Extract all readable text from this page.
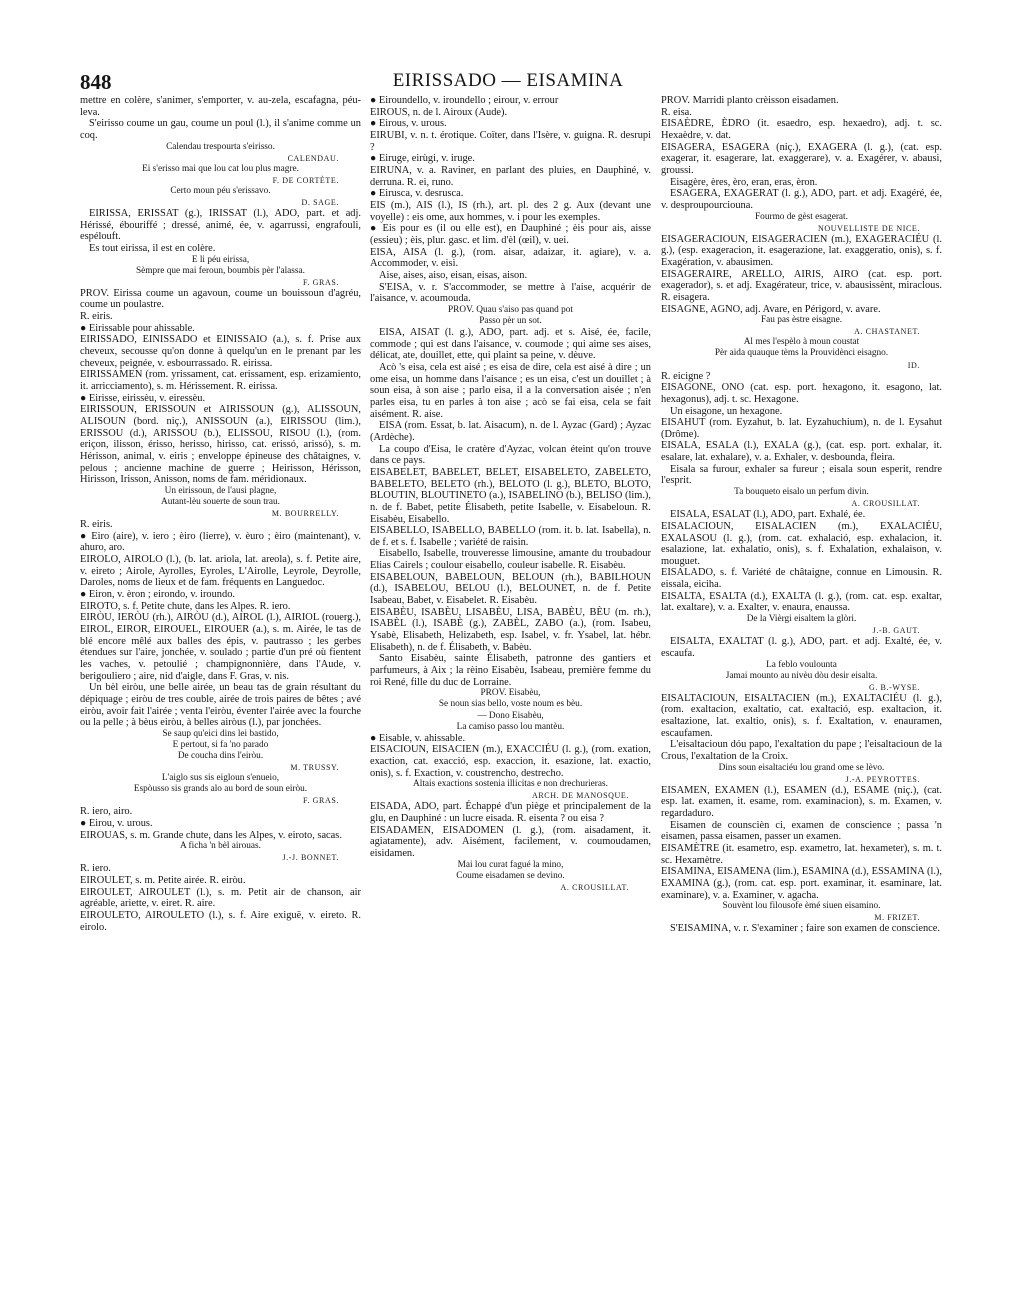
848	EIRISSADO — EISAMINA

mettre en colère, s'animer, s'emporter, v. au-zela, escafagna, péu-leva.

S'eirisso coume un gau, coume un poul (l.), il s'anime comme un coq.

Calendau trespourta s'eirisso.

CALENDAU.

Ei s'erisso mai que lou cat lou plus magre.

F. DE CORTÈTE.

Certo moun péu s'erissavo.

D. SAGE.

EIRISSA, ERISSAT (g.), IRISSAT (l.), ADO, part. et adj. Hérissé, ébouriffé ; dressé, animé, ée, v. agarrussi, engrafouli, espélouft.

Es tout eirissa, il est en colère.

E li péu eirissa,

Sèmpre que mai feroun, boumbis pèr l'alassa.

F. GRAS.

PROV. Eirissa coume un agavoun, coume un bouissoun d'agréu, coume un poulastre.

R. eiris.

● Eirissable pour ahissable.

EIRISSADO, EINISSADO et EINISSAIO (a.), s. f. Prise aux cheveux, secousse qu'on donne à quelqu'un en le prenant par les cheveux, peignée, v. esbourrassado. R. eirissa.

EIRISSAMEN (rom. yrissament, cat. erissament, esp. erizamiento, it. arricciamento), s. m. Hérissement. R. eirissa.

● Eirisse, eirissèu, v. eiressèu.

EIRISSOUN, ERISSOUN et AIRISSOUN (g.), ALISSOUN, ALISOUN (bord. niç.), ANISSOUN (a.), EIRISSOU (lim.), ERISSOU (d.), ARISSOU (b.), ELISSOU, RISOU (l.), (rom. eriçon, ilisson, érisso, herisso, hirisso, cat. erissó, arissó), s. m. Hérisson, animal, v. eiris ; enveloppe épineuse des châtaignes, v. pelous ; ancienne machine de guerre ; Heirisson, Hérisson, Hirisson, Irisson, Anisson, noms de fam. méridionaux.

Un eirissoun, de l'ausi plagne,

Autant-lèu souerte de soun trau.

M. BOURRELLY.

R. eiris.

● Eiro (aire), v. iero ; èiro (lierre), v. èuro ; èiro (maintenant), v. ahuro, aro.

EIROLO, AIROLO (l.), (b. lat. ariola, lat. areola), s. f. Petite aire, v. eireto ; Airole, Ayrolles, Eyroles, L'Airolle, Leyrole, Deyrolle, Daroles, noms de lieux et de fam. fréquents en Languedoc.

● Eiron, v. èron ; eirondo, v. iroundo.

EIROTO, s. f. Petite chute, dans les Alpes. R. iero.

EIRÒU, IERÒU (rh.), AIRÒU (d.), AIROL (l.), AIRIOL (rouerg.), EIROL, EIROR, EIROUEL, EIROUER (a.), s. m. Airée, le tas de blé encore mêlé aux balles des épis, v. pautrasso ; les gerbes étendues sur l'aire, jonchée, v. soulado ; partie d'un pré où fientent les vaches, v. petoulié ; champignonnière, dans l'Aude, v. berigouliero ; aire, nid d'aigle, dans F. Gras, v. nis.

Un bèl eiròu, une belle airée, un beau tas de grain résultant du dépiquage ; eiròu de tres couble, airée de trois paires de bêtes ; avé eiròu, avoir fait l'airée ; venta l'eiròu, éventer l'airée avec la fourche ou la pelle ; à bèus eiròu, à belles airòus (l.), par jonchées.

Se saup qu'eici dins lei bastido,

E pertout, si fa 'no parado

De coucha dins l'eiròu.

M. TRUSSY.

L'aiglo sus sis eigloun s'enueio,

Espòusso sis grands alo au bord de soun eiròu.

F. GRAS.

R. iero, airo.

● Eirou, v. urous.

EIROUAS, s. m. Grande chute, dans les Alpes, v. eiroto, sacas.

A ficha 'n bèl airouas.

J.-J. BONNET.

R. iero.

EIROULET, s. m. Petite airée. R. eiròu.

EIROULET, AIROULET (l.), s. m. Petit air de chanson, air agréable, ariette, v. eiret. R. aire.

EIROULETO, AIROULETO (l.), s. f. Aire exiguë, v. eireto. R. eirolo.

● Eiroundello, v. iroundello ; eirour, v. errour

EIROUS, n. de l. Airoux (Aude).

● Eirous, v. urous.

EIRUBI, v. n. t. érotique. Coïter, dans l'Isère, v. guigna. R. desrupi ?

● Eiruge, eirùgi, v. iruge.

EIRUNA, v. a. Raviner, en parlant des pluies, en Dauphiné, v. derruna. R. ei, runo.

● Eirusca, v. desrusca.

EIS (m.), AIS (l.), IS (rh.), art. pl. des 2 g. Aux (devant une voyelle) : eis ome, aux hommes, v. i pour les exemples.

● Eis pour es (il ou elle est), en Dauphiné ; èis pour ais, aisse (essieu) ; èis, plur. gasc. et lim. d'èl (œil), v. uei.

EISA, AISA (l. g.), (rom. aisar, adaizar, it. agiare), v. a. Accommoder, v. eisi.

Aise, aises, aiso, eisan, eisas, aison.

S'EISA, v. r. S'accommoder, se mettre à l'aise, acquérir de l'aisance, v. acoumouda.

PROV. Quau s'aiso pas quand pot

Passo pèr un sot.

EISA, AISAT (l. g.), ADO, part. adj. et s. Aisé, ée, facile, commode ; qui est dans l'aisance, v. coumode ; qui aime ses aises, délicat, ate, douillet, ette, qui plaint sa peine, v. dèuve.

Acò 's eisa, cela est aisé ; es eisa de dire, cela est aisé à dire ; un ome eisa, un homme dans l'aisance ; es un eisa, c'est un douillet ; à soun eisa, à son aise ; parlo eisa, il a la conversation aisée ; n'en parles eisa, tu en parles à ton aise ; acò se fai eisa, cela se fait aisément. R. aise.

EISA (rom. Essat, b. lat. Aisacum), n. de l. Ayzac (Gard) ; Ayzac (Ardèche).

La coupo d'Eisa, le cratère d'Ayzac, volcan éteint qu'on trouve dans ce pays.

EISABELET, BABELET, BELET, EISABELETO, ZABELETO, BABELETO, BELETO (rh.), BELOTO (l. g.), BLETO, BLOTO, BLOUTIN, BLOUTINETO (a.), ISABELINO (b.), BELISO (lim.), n. de f. Babet, petite Élisabeth, petite Isabelle, v. Eisabeloun. R. Eisabèu, Eisabello.

EISABELLO, ISABELLO, BABELLO (rom. it. b. lat. Isabella), n. de f. et s. f. Isabelle ; variété de raisin.

Eisabello, Isabelle, trouveresse limousine, amante du troubadour Elias Cairels ; coulour eisabello, couleur isabelle. R. Eisabèu.

EISABELOUN, BABELOUN, BELOUN (rh.), BABILHOUN (d.), ISABELOU, BELOU (l.), BELOUNET, n. de f. Petite Isabeau, Babet, v. Eisabelet. R. Eisabèu.

EISABÈU, ISABÈU, LISABÈU, LISA, BABÈU, BÈU (m. rh.), ISABÈL (l.), ISABÈ (g.), ZABÈL, ZABO (a.), (rom. Isabeu, Ysabè, Elisabeth, Helizabeth, esp. Isabel, v. fr. Ysabel, lat. hébr. Elisabeth), n. de f. Élisabeth, v. Babèu.

Santo Eisabèu, sainte Élisabeth, patronne des gantiers et parfumeurs, à Aix ; la rèino Eisabèu, Isabeau, première femme du roi René, fille du duc de Lorraine.

PROV. Eisabèu,

Se noun sias bello, voste noum es bèu.

— Dono Eisabèu,

La camiso passo lou mantèu.

● Eisable, v. ahissable.

EISACIOUN, EISACIEN (m.), EXACCIÉU (l. g.), (rom. exation, exaction, cat. exacció, esp. exaccion, it. esazione, lat. exactio, onis), s. f. Exaction, v. coustrencho, destrecho.

Altais exactions sostenia illicitas e non drechurieras.

ARCH. DE MANOSQUE.

EISADA, ADO, part. Échappé d'un piège et principalement de la glu, en Dauphiné : un lucre eisada. R. eisenta ? ou eisa ?

EISADAMEN, EISADOMEN (l. g.), (rom. aisadament, it. agiatamente), adv. Aisément, facilement, v. coumoudamen, eisidamen.

Mai lou curat fagué la mino,

Coume eisadamen se devino.

A. CROUSILLAT.

PROV. Marridi planto crèisson eisadamen.

R. eisa.

EISAÈDRE, ÈDRO (it. esaedro, esp. hexaedro), adj. t. sc. Hexaèdre, v. dat.

EISAGERA, ESAGERA (niç.), EXAGERA (l. g.), (cat. esp. exagerar, it. esagerare, lat. exaggerare), v. a. Exagérer, v. abausi, groussi.

Eisagère, ères, èro, eran, eras, èron.

ESAGERA, EXAGERAT (l. g.), ADO, part. et adj. Exagéré, ée, v. desproupourciouna.

Fourmo de gèst esagerat.

NOUVELLISTE DE NICE.

EISAGERACIOUN, EISAGERACIEN (m.), EXAGERACIÉU (l. g.), (esp. exageracion, it. esagerazione, lat. exaggeratio, onis), s. f. Exagération, v. abausimen.

EISAGERAIRE, ARELLO, AIRIS, AIRO (cat. esp. port. exagerador), s. et adj. Exagérateur, trice, v. abausissènt, miraclous. R. eisagera.

EISAGNE, AGNO, adj. Avare, en Périgord, v. avare.

Fau pas èstre eisagne.

A. CHASTANET.

Al mes l'espèlo à moun coustat

Pèr aida quauque tèms la Prouvidènci eisagno.

ID.

R. eicigne ?

EISAGONE, ONO (cat. esp. port. hexagono, it. esagono, lat. hexagonus), adj. t. sc. Hexagone.

Un eisagone, un hexagone.

EISAHUT (rom. Eyzahut, b. lat. Eyzahuchium), n. de l. Eysahut (Drôme).

EISALA, ESALA (l.), EXALA (g.), (cat. esp. port. exhalar, it. esalare, lat. exhalare), v. a. Exhaler, v. desbounda, fleira.

Eisala sa furour, exhaler sa fureur ; eisala soun esperit, rendre l'esprit.

Ta bouqueto eisalo un perfum divin.

A. CROUSILLAT.

EISALA, ESALAT (l.), ADO, part. Exhalé, ée.

EISALACIOUN, EISALACIEN (m.), EXALACIÉU, EXALASOU (l. g.), (rom. cat. exhalació, esp. exhalacion, it. esalazione, lat. exhalatio, onis), s. f. Exhalation, exhalaison, v. mouguet.

EISALADO, s. f. Variété de châtaigne, connue en Limousin. R. eissala, eiciha.

EISALTA, ESALTA (d.), EXALTA (l. g.), (rom. cat. esp. exaltar, lat. exaltare), v. a. Exalter, v. enaura, enaussa.

De la Vièrgi eisaltem la glòri.

J.-B. GAUT.

EISALTA, EXALTAT (l. g.), ADO, part. et adj. Exalté, ée, v. escaufa.

La feblo voulounta

Jamai mounto au nivèu dòu desir eisalta.

G. B.-WYSE.

EISALTACIOUN, EISALTACIEN (m.), EXALTACIÉU (l. g.), (rom. exaltacion, exaltatio, cat. exaltació, esp. exaltacion, it. esaltazione, lat. exaltio, onis), s. f. Exaltation, v. enauramen, escaufamen.

L'eisaltacioun dóu papo, l'exaltation du pape ; l'eisaltacioun de la Crous, l'exaltation de la Croix.

Dins soun eisaltaciéu lou grand ome se lèvo.

J.-A. PEYROTTES.

EISAMEN, EXAMEN (l.), ESAMEN (d.), ESAME (niç.), (cat. esp. lat. examen, it. esame, rom. examinacion), s. m. Examen, v. regardaduro.

Eisamen de counscièn ci, examen de conscience ; passa 'n eisamen, passa eisamen, passer un examen.

EISAMÈTRE (it. esametro, esp. exametro, lat. hexameter), s. m. t. sc. Hexamètre.

EISAMINA, EISAMENA (lim.), ESAMINA (d.), ESSAMINA (l.), EXAMINA (g.), (rom. cat. esp. port. examinar, it. esaminare, lat. examinare), v. a. Examiner, v. agacha.

Souvènt lou filousofe èmé siuen eisamino.

M. FRIZET.

S'EISAMINA, v. r. S'examiner ; faire son examen de conscience.
